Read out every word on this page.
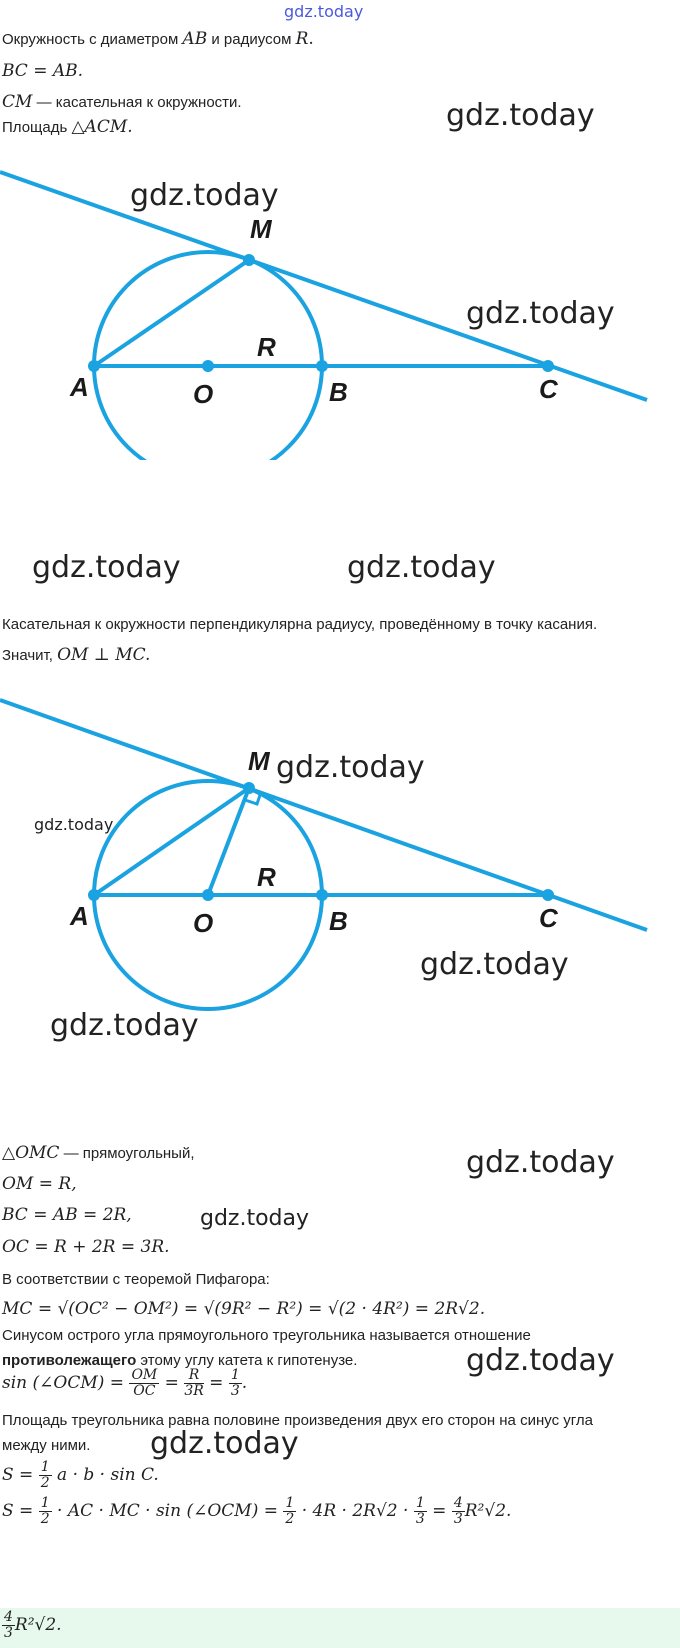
gdz.today
Окружность с диаметром AB и радиусом R.
BC = AB.
CM — касательная к окружности.
Площадь △ACM.	gdz.today
M
A	O	B	C
R
gdz.today
gdz.today
gdz.today	gdz.today
Касательная к окружности перпендикулярна радиусу, проведённому в точку касания.
Значит, OM ⊥ MC.
M
A	O	B	C
R
gdz.today
gdz.today
gdz.today
gdz.today
△OMC — прямоугольный,	gdz.today
OM = R,
BC = AB = 2R,	gdz.today
OC = R + 2R = 3R.
В соответствии с теоремой Пифагора:
MC = √(OC² − OM²) = √(9R² − R²) = √(2 · 4R²) = 2R√2.
Синусом острого угла прямоугольного треугольника называется отношение
противолежащего этому углу катета к гипотенузе.	gdz.today
sin (∠OCM) = $\frac{OM}{OC} = \frac{R}{3R} = \frac{1}{3}$ .
Площадь треугольника равна половине произведения двух его сторон на синус угла
между ними. gdz.today
$S = \frac{1}{2}$ a · b · sin C.
$S = \frac{1}{2}$ · AC · MC · sin (∠OCM) = $\frac{1}{2} \cdot 4R \cdot 2R√2 \cdot \frac{1}{3} = \frac{4}{3} R^2√2$.
$\frac{4}{3} R^2√2$.
